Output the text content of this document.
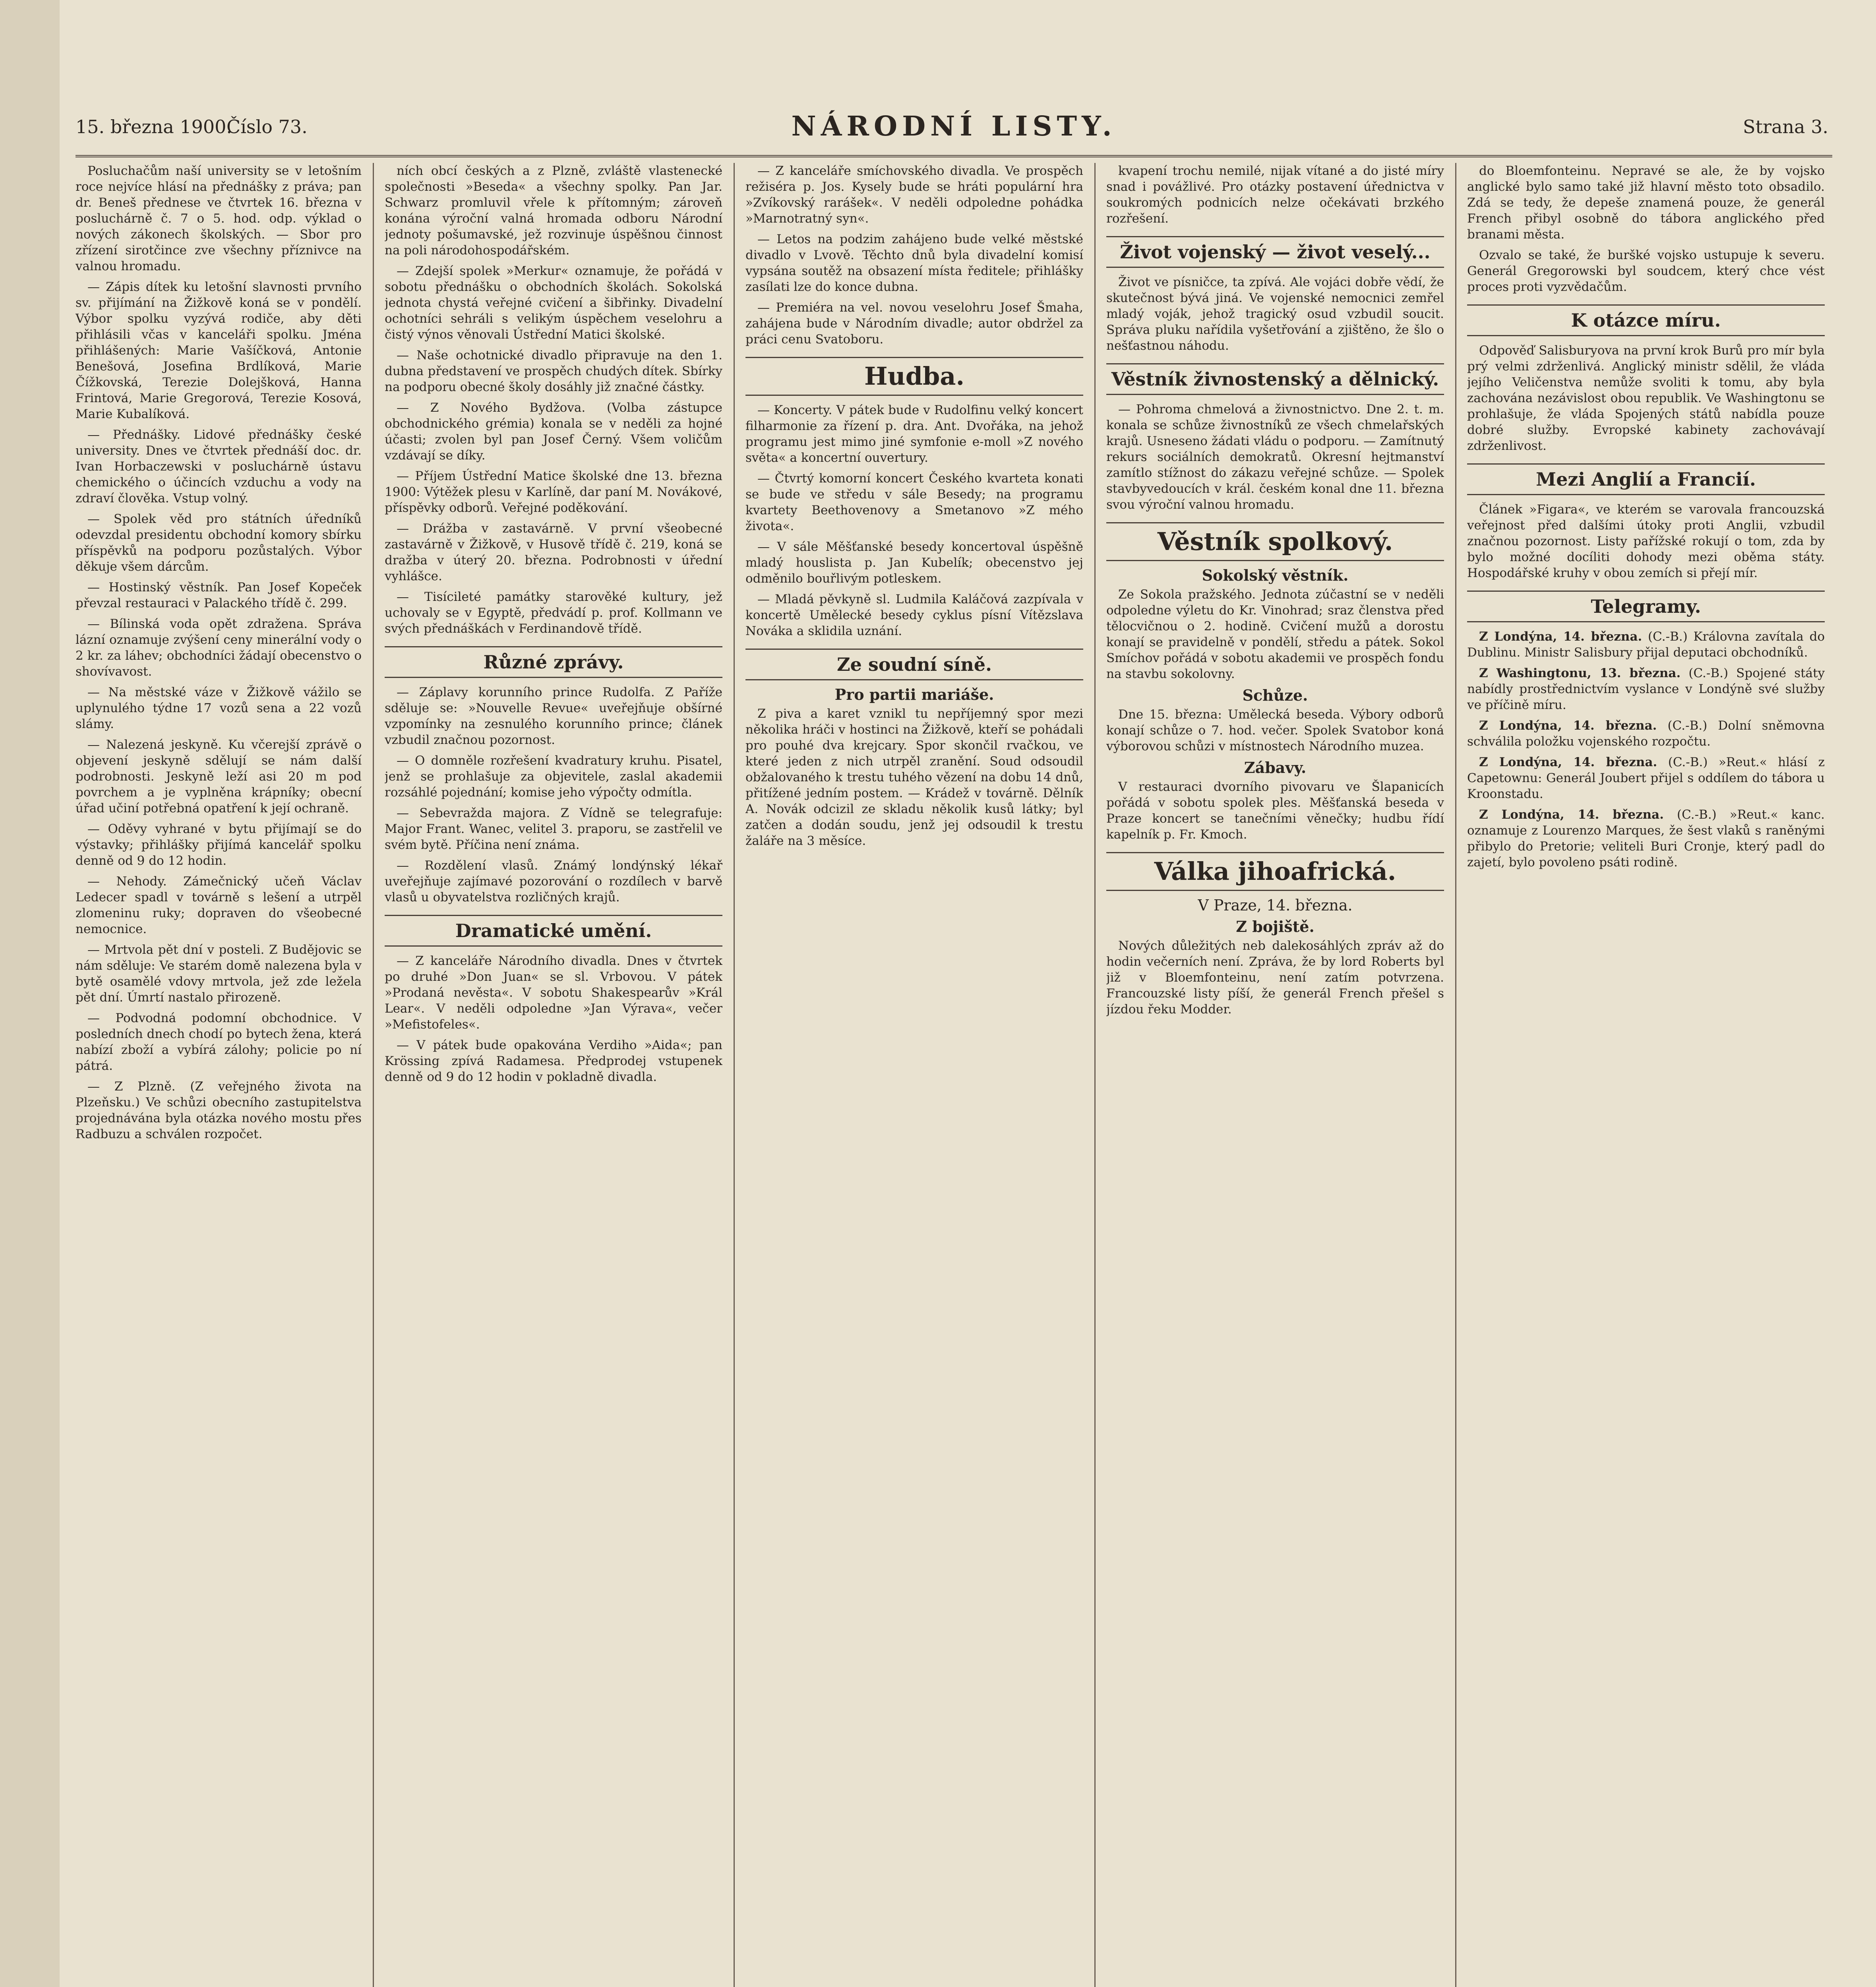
15. března 1900.
Číslo 73.	NÁRODNÍ LISTY.	Strana 3.

Posluchačům naší university se v letošním roce nejvíce hlásí na přednášky z práva; pan dr. Beneš přednese ve čtvrtek 16. března v posluchárně č. 7 o 5. hod. odp. výklad o nových zákonech školských. — Sbor pro zřízení sirotčince zve všechny příznivce na valnou hromadu.

— Zápis dítek ku letošní slavnosti prvního sv. přijímání na Žižkově koná se v pondělí. Výbor spolku vyzývá rodiče, aby děti přihlásili včas v kanceláři spolku. Jména přihlášených: Marie Vašíčková, Antonie Benešová, Josefina Brdlíková, Marie Čížkovská, Terezie Dolejšková, Hanna Frintová, Marie Gregorová, Terezie Kosová, Marie Kubalíková.

— Přednášky. Lidové přednášky české university. Dnes ve čtvrtek přednáší doc. dr. Ivan Horbaczewski v posluchárně ústavu chemického o účincích vzduchu a vody na zdraví člověka. Vstup volný.

— Spolek věd pro státních úředníků odevzdal presidentu obchodní komory sbírku příspěvků na podporu pozůstalých. Výbor děkuje všem dárcům.

— Hostinský věstník. Pan Josef Kopeček převzal restauraci v Palackého třídě č. 299.

— Bílinská voda opět zdražena. Správa lázní oznamuje zvýšení ceny minerální vody o 2 kr. za láhev; obchodníci žádají obecenstvo o shovívavost.

— Na městské váze v Žižkově vážilo se uplynulého týdne 17 vozů sena a 22 vozů slámy.

— Nalezená jeskyně. Ku včerejší zprávě o objevení jeskyně sdělují se nám další podrobnosti. Jeskyně leží asi 20 m pod povrchem a je vyplněna krápníky; obecní úřad učiní potřebná opatření k její ochraně.

— Oděvy vyhrané v bytu přijímají se do výstavky; přihlášky přijímá kancelář spolku denně od 9 do 12 hodin.

— Nehody. Zámečnický učeň Václav Ledecer spadl v továrně s lešení a utrpěl zlomeninu ruky; dopraven do všeobecné nemocnice.

— Mrtvola pět dní v posteli. Z Budějovic se nám sděluje: Ve starém domě nalezena byla v bytě osamělé vdovy mrtvola, jež zde ležela pět dní. Úmrtí nastalo přirozeně.

— Podvodná podomní obchodnice. V posledních dnech chodí po bytech žena, která nabízí zboží a vybírá zálohy; policie po ní pátrá.

— Z Plzně. (Z veřejného života na Plzeňsku.) Ve schůzi obecního zastupitelstva projednávána byla otázka nového mostu přes Radbuzu a schválen rozpočet.

ních obcí českých a z Plzně, zvláště vlastenecké společnosti »Beseda« a všechny spolky. Pan Jar. Schwarz promluvil vřele k přítomným; zároveň konána výroční valná hromada odboru Národní jednoty pošumavské, jež rozvinuje úspěšnou činnost na poli národohospodářském.

— Zdejší spolek »Merkur« oznamuje, že pořádá v sobotu přednášku o obchodních školách. Sokolská jednota chystá veřejné cvičení a šibřinky. Divadelní ochotníci sehráli s velikým úspěchem veselohru a čistý výnos věnovali Ústřední Matici školské.

— Naše ochotnické divadlo připravuje na den 1. dubna představení ve prospěch chudých dítek. Sbírky na podporu obecné školy dosáhly již značné částky.

— Z Nového Bydžova. (Volba zástupce obchodnického grémia) konala se v neděli za hojné účasti; zvolen byl pan Josef Černý. Všem voličům vzdávají se díky.

— Příjem Ústřední Matice školské dne 13. března 1900: Výtěžek plesu v Karlíně, dar paní M. Novákové, příspěvky odborů. Veřejné poděkování.

— Drážba v zastavárně. V první všeobecné zastavárně v Žižkově, v Husově třídě č. 219, koná se dražba v úterý 20. března. Podrobnosti v úřední vyhlášce.

— Tisícileté památky starověké kultury, jež uchovaly se v Egyptě, předvádí p. prof. Kollmann ve svých přednáškách v Ferdinandově třídě.

Různé zprávy.

— Záplavy korunního prince Rudolfa. Z Paříže sděluje se: »Nouvelle Revue« uveřejňuje obšírné vzpomínky na zesnulého korunního prince; článek vzbudil značnou pozornost.

— O domněle rozřešení kvadratury kruhu. Pisatel, jenž se prohlašuje za objevitele, zaslal akademii rozsáhlé pojednání; komise jeho výpočty odmítla.

— Sebevražda majora. Z Vídně se telegrafuje: Major Frant. Wanec, velitel 3. praporu, se zastřelil ve svém bytě. Příčina není známa.

— Rozdělení vlasů. Známý londýnský lékař uveřejňuje zajímavé pozorování o rozdílech v barvě vlasů u obyvatelstva rozličných krajů.

Dramatické umění.

— Z kanceláře Národního divadla. Dnes v čtvrtek po druhé »Don Juan« se sl. Vrbovou. V pátek »Prodaná nevěsta«. V sobotu Shakespearův »Král Lear«. V neděli odpoledne »Jan Výrava«, večer »Mefistofeles«.

— V pátek bude opakována Verdiho »Aida«; pan Krössing zpívá Radamesa. Předprodej vstupenek denně od 9 do 12 hodin v pokladně divadla.

— Z kanceláře smíchovského divadla. Ve prospěch režiséra p. Jos. Kysely bude se hráti populární hra »Zvíkovský rarášek«. V neděli odpoledne pohádka »Marnotratný syn«.

— Letos na podzim zahájeno bude velké městské divadlo v Lvově. Těchto dnů byla divadelní komisí vypsána soutěž na obsazení místa ředitele; přihlášky zasílati lze do konce dubna.

— Premiéra na vel. novou veselohru Josef Šmaha, zahájena bude v Národním divadle; autor obdržel za práci cenu Svatoboru.

Hudba.

— Koncerty. V pátek bude v Rudolfinu velký koncert filharmonie za řízení p. dra. Ant. Dvořáka, na jehož programu jest mimo jiné symfonie e-moll »Z nového světa« a koncertní ouvertury.

— Čtvrtý komorní koncert Českého kvarteta konati se bude ve středu v sále Besedy; na programu kvartety Beethovenovy a Smetanovo »Z mého života«.

— V sále Měšťanské besedy koncertoval úspěšně mladý houslista p. Jan Kubelík; obecenstvo jej odměnilo bouřlivým potleskem.

— Mladá pěvkyně sl. Ludmila Kaláčová zazpívala v koncertě Umělecké besedy cyklus písní Vítězslava Nováka a sklidila uznání.

Ze soudní síně.
Pro partii mariáše.

Z piva a karet vznikl tu nepříjemný spor mezi několika hráči v hostinci na Žižkově, kteří se pohádali pro pouhé dva krejcary. Spor skončil rvačkou, ve které jeden z nich utrpěl zranění. Soud odsoudil obžalovaného k trestu tuhého vězení na dobu 14 dnů, přitížené jedním postem. — Krádež v továrně. Dělník A. Novák odcizil ze skladu několik kusů látky; byl zatčen a dodán soudu, jenž jej odsoudil k trestu žaláře na 3 měsíce.

kvapení trochu nemilé, nijak vítané a do jisté míry snad i povážlivé. Pro otázky postavení úřednictva v soukromých podnicích nelze očekávati brzkého rozřešení.

Život vojenský — život veselý...

Život ve písničce, ta zpívá. Ale vojáci dobře vědí, že skutečnost bývá jiná. Ve vojenské nemocnici zemřel mladý voják, jehož tragický osud vzbudil soucit. Správa pluku nařídila vyšetřování a zjištěno, že šlo o nešťastnou náhodu.

Věstník živnostenský a dělnický.

— Pohroma chmelová a živnostnictvo. Dne 2. t. m. konala se schůze živnostníků ze všech chmelařských krajů. Usneseno žádati vládu o podporu. — Zamítnutý rekurs sociálních demokratů. Okresní hejtmanství zamítlo stížnost do zákazu veřejné schůze. — Spolek stavbyvedoucích v král. českém konal dne 11. března svou výroční valnou hromadu.

Věstník spolkový.
Sokolský věstník.

Ze Sokola pražského. Jednota zúčastní se v neděli odpoledne výletu do Kr. Vinohrad; sraz členstva před tělocvičnou o 2. hodině. Cvičení mužů a dorostu konají se pravidelně v pondělí, středu a pátek. Sokol Smíchov pořádá v sobotu akademii ve prospěch fondu na stavbu sokolovny.

Schůze.

Dne 15. března: Umělecká beseda. Výbory odborů konají schůze o 7. hod. večer. Spolek Svatobor koná výborovou schůzi v místnostech Národního muzea.

Zábavy.

V restauraci dvorního pivovaru ve Šlapanicích pořádá v sobotu spolek ples. Měšťanská beseda v Praze koncert se tanečními věnečky; hudbu řídí kapelník p. Fr. Kmoch.

Válka jihoafrická.
V Praze, 14. března.
Z bojiště.

Nových důležitých neb dalekosáhlých zpráv až do hodin večerních není. Zpráva, že by lord Roberts byl již v Bloemfonteinu, není zatím potvrzena. Francouzské listy píší, že generál French přešel s jízdou řeku Modder.

do Bloemfonteinu. Nepravé se ale, že by vojsko anglické bylo samo také již hlavní město toto obsadilo. Zdá se tedy, že depeše znamená pouze, že generál French přibyl osobně do tábora anglického před branami města.

Ozvalo se také, že buršké vojsko ustupuje k severu. Generál Gregorowski byl soudcem, který chce vést proces proti vyzvědačům.

K otázce míru.

Odpověď Salisburyova na první krok Burů pro mír byla prý velmi zdrženlivá. Anglický ministr sdělil, že vláda jejího Veličenstva nemůže svoliti k tomu, aby byla zachována nezávislost obou republik. Ve Washingtonu se prohlašuje, že vláda Spojených států nabídla pouze dobré služby. Evropské kabinety zachovávají zdrženlivost.

Mezi Anglií a Francií.

Článek »Figara«, ve kterém se varovala francouzská veřejnost před dalšími útoky proti Anglii, vzbudil značnou pozornost. Listy pařížské rokují o tom, zda by bylo možné docíliti dohody mezi oběma státy. Hospodářské kruhy v obou zemích si přejí mír.

Telegramy.

Z Londýna, 14. března. (C.-B.) Královna zavítala do Dublinu. Ministr Salisbury přijal deputaci obchodníků.

Z Washingtonu, 13. března. (C.-B.) Spojené státy nabídly prostřednictvím vyslance v Londýně své služby ve příčině míru.

Z Londýna, 14. března. (C.-B.) Dolní sněmovna schválila položku vojenského rozpočtu.

Z Londýna, 14. března. (C.-B.) »Reut.« hlásí z Capetownu: Generál Joubert přijel s oddílem do tábora u Kroonstadu.

Z Londýna, 14. března. (C.-B.) »Reut.« kanc. oznamuje z Lourenzo Marques, že šest vlaků s raněnými přibylo do Pretorie; veliteli Buri Cronje, který padl do zajetí, bylo povoleno psáti rodině.
